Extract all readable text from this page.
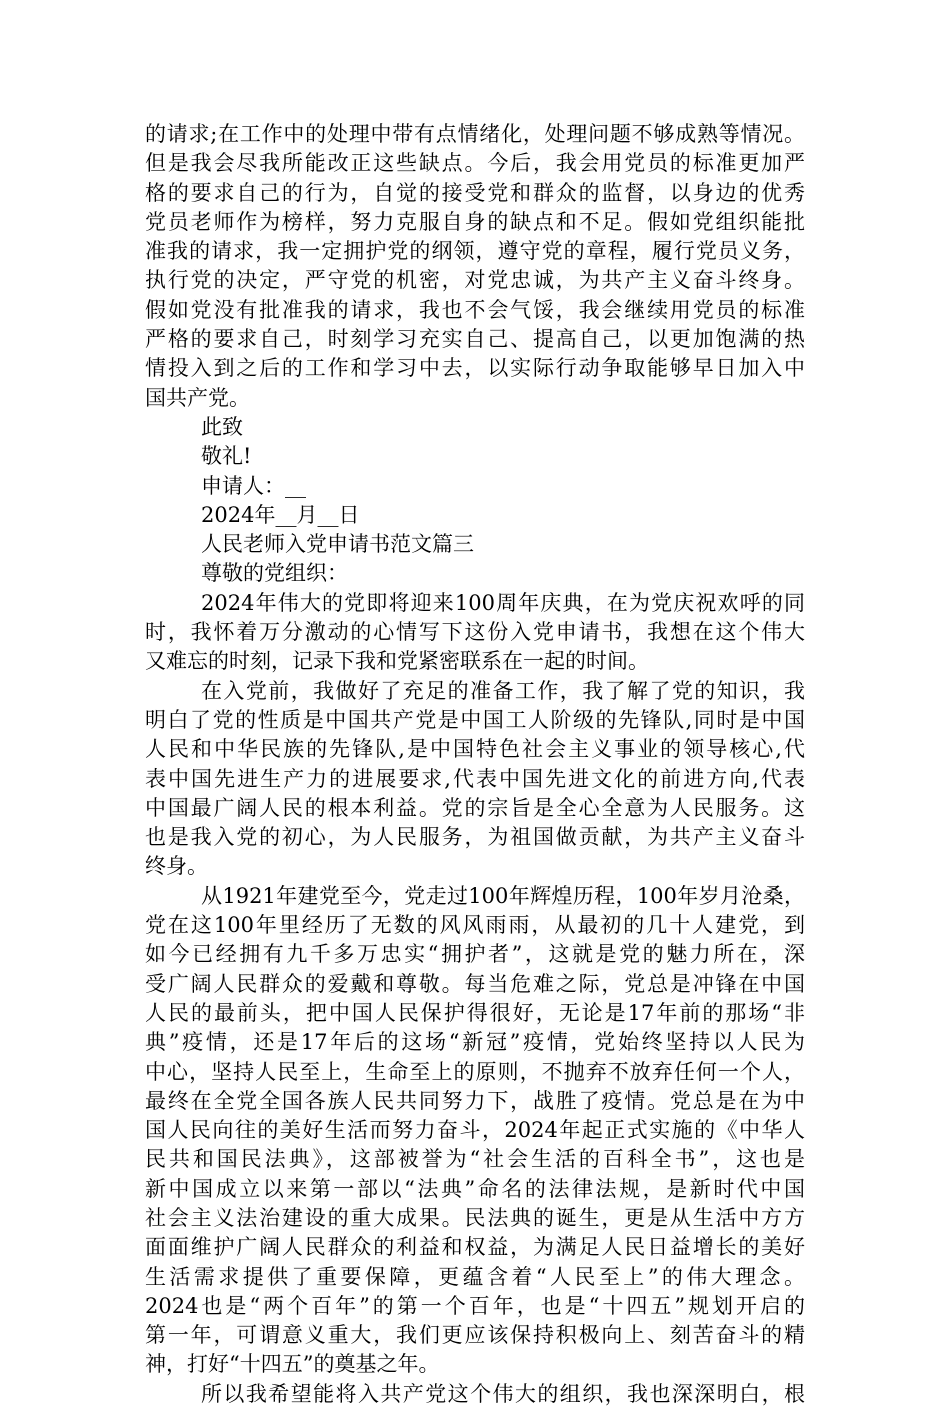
的请求;在工作中的处理中带有点情绪化，处理问题不够成熟等情况。
但是我会尽我所能改正这些缺点。今后，我会用党员的标准更加严
格的要求自己的行为，自觉的接受党和群众的监督，以身边的优秀
党员老师作为榜样，努力克服自身的缺点和不足。假如党组织能批
准我的请求，我一定拥护党的纲领，遵守党的章程，履行党员义务，
执行党的决定，严守党的机密，对党忠诚，为共产主义奋斗终身。
假如党没有批准我的请求，我也不会气馁，我会继续用党员的标准
严格的要求自己，时刻学习充实自己、提高自己，以更加饱满的热
情投入到之后的工作和学习中去，以实际行动争取能够早日加入中
国共产党。
此致
敬礼!
申请人：__
2024年__月__日
人民老师入党申请书范文篇三
尊敬的党组织：
2024年伟大的党即将迎来100周年庆典，在为党庆祝欢呼的同
时，我怀着万分激动的心情写下这份入党申请书，我想在这个伟大
又难忘的时刻，记录下我和党紧密联系在一起的时间。
在入党前，我做好了充足的准备工作，我了解了党的知识，我
明白了党的性质是中国共产党是中国工人阶级的先锋队,同时是中国
人民和中华民族的先锋队,是中国特色社会主义事业的领导核心,代
表中国先进生产力的进展要求,代表中国先进文化的前进方向,代表
中国最广阔人民的根本利益。党的宗旨是全心全意为人民服务。这
也是我入党的初心，为人民服务，为祖国做贡献，为共产主义奋斗
终身。
从1921年建党至今，党走过100年辉煌历程，100年岁月沧桑，
党在这100年里经历了无数的风风雨雨，从最初的几十人建党，到
如今已经拥有九千多万忠实“拥护者”，这就是党的魅力所在，深
受广阔人民群众的爱戴和尊敬。每当危难之际，党总是冲锋在中国
人民的最前头，把中国人民保护得很好，无论是17年前的那场“非
典”疫情，还是17年后的这场“新冠”疫情，党始终坚持以人民为
中心，坚持人民至上，生命至上的原则，不抛弃不放弃任何一个人，
最终在全党全国各族人民共同努力下，战胜了疫情。党总是在为中
国人民向往的美好生活而努力奋斗，2024年起正式实施的《中华人
民共和国民法典》，这部被誉为“社会生活的百科全书”，这也是
新中国成立以来第一部以“法典”命名的法律法规，是新时代中国
社会主义法治建设的重大成果。民法典的诞生，更是从生活中方方
面面维护广阔人民群众的利益和权益，为满足人民日益增长的美好
生活需求提供了重要保障，更蕴含着“人民至上”的伟大理念。
2024也是“两个百年”的第一个百年，也是“十四五”规划开启的
第一年，可谓意义重大，我们更应该保持积极向上、刻苦奋斗的精
神，打好“十四五”的奠基之年。
所以我希望能将入共产党这个伟大的组织，我也深深明白，根
